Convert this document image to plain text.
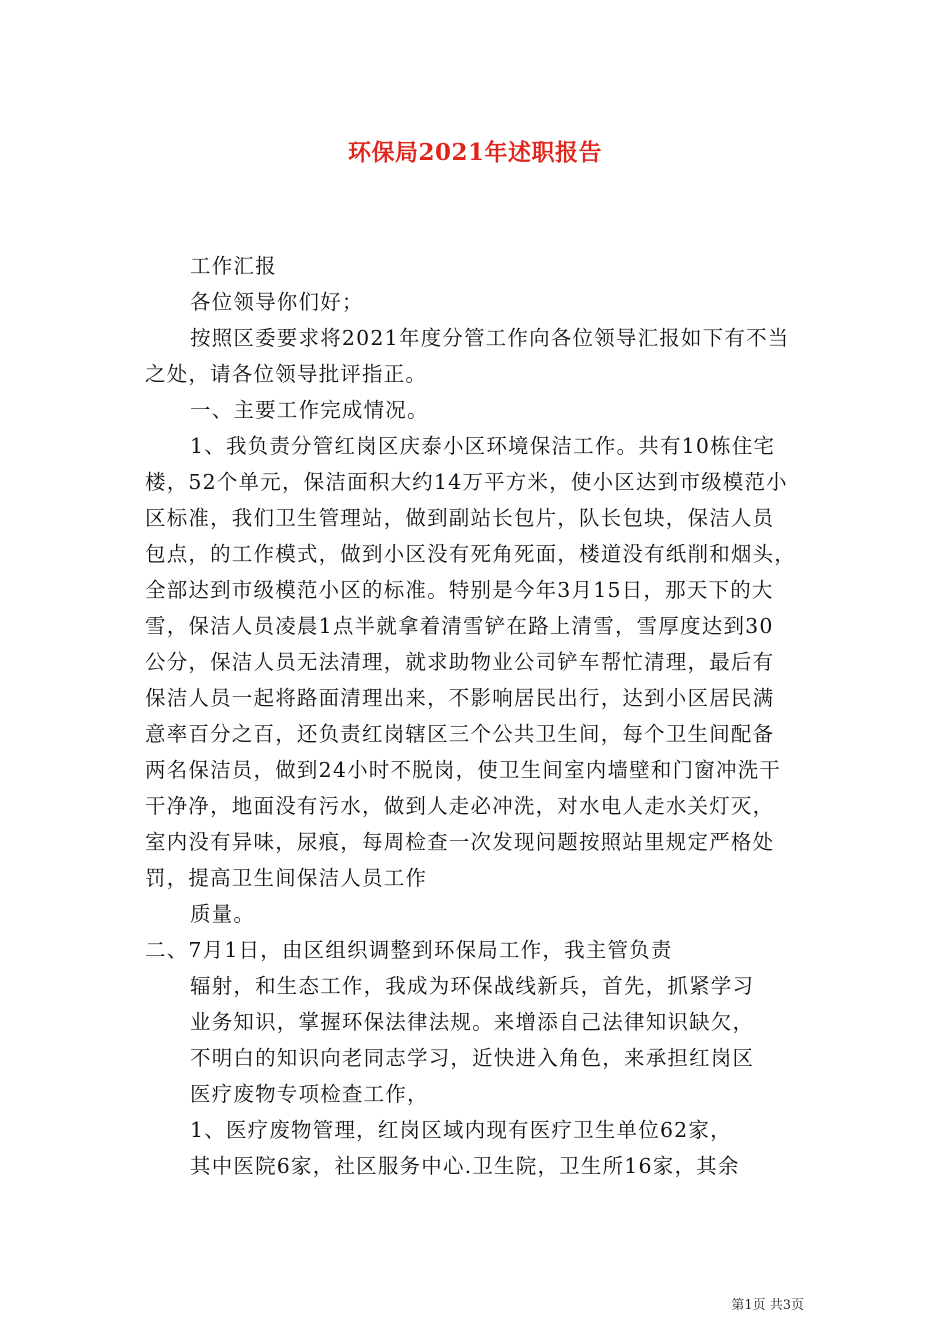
环保局2021年述职报告
工作汇报
各位领导你们好；
按照区委要求将2021年度分管工作向各位领导汇报如下有不当
之处，请各位领导批评指正。
一、主要工作完成情况。
1、我负责分管红岗区庆泰小区环境保洁工作。共有10栋住宅
楼，52个单元，保洁面积大约14万平方米，使小区达到市级模范小
区标准，我们卫生管理站，做到副站长包片，队长包块，保洁人员
包点，的工作模式，做到小区没有死角死面，楼道没有纸削和烟头，
全部达到市级模范小区的标准。特别是今年3月15日，那天下的大
雪，保洁人员凌晨1点半就拿着清雪铲在路上清雪，雪厚度达到30
公分，保洁人员无法清理，就求助物业公司铲车帮忙清理，最后有
保洁人员一起将路面清理出来，不影响居民出行，达到小区居民满
意率百分之百，还负责红岗辖区三个公共卫生间，每个卫生间配备
两名保洁员，做到24小时不脱岗，使卫生间室内墙壁和门窗冲洗干
干净净，地面没有污水，做到人走必冲洗，对水电人走水关灯灭，
室内没有异味，尿痕，每周检查一次发现问题按照站里规定严格处
罚，提高卫生间保洁人员工作
质量。
二、7月1日，由区组织调整到环保局工作，我主管负责
辐射，和生态工作，我成为环保战线新兵，首先，抓紧学习
业务知识，掌握环保法律法规。来增添自己法律知识缺欠，
不明白的知识向老同志学习，近快进入角色，来承担红岗区
医疗废物专项检查工作，
1、医疗废物管理，红岗区域内现有医疗卫生单位62家，
其中医院6家，社区服务中心.卫生院，卫生所16家，其余
第1页 共3页
